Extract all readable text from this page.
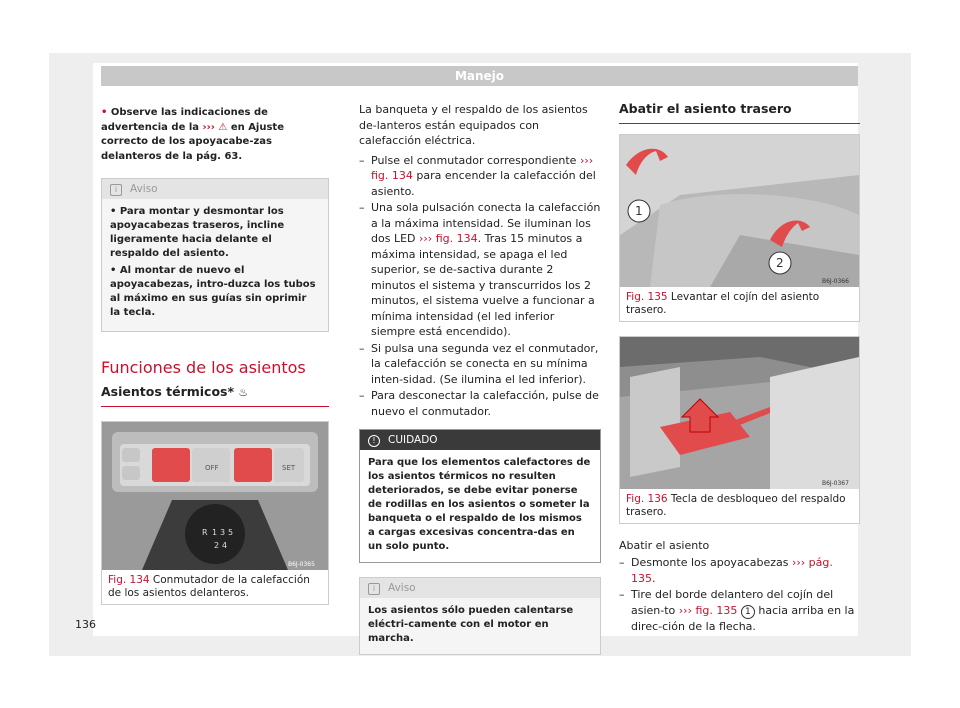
Manejo
• Observe las indicaciones de advertencia de la ››› ⚠ en Ajuste correcto de los apoyacabe-zas delanteros de la pág. 63.
i Aviso

• Para montar y desmontar los apoyacabezas traseros, incline ligeramente hacia delante el respaldo del asiento.

• Al montar de nuevo el apoyacabezas, intro-duzca los tubos al máximo en sus guías sin oprimir la tecla.

Funciones de los asientos
Asientos térmicos* ♨
OFF	SET
R 1 3 5
2 4
B6J-0365
Fig. 134 Conmutador de la calefacción de los asientos delanteros.
La banqueta y el respaldo de los asientos de-lanteros están equipados con calefacción eléctrica.
– Pulse el conmutador correspondiente ››› fig. 134 para encender la calefacción del asiento.
– Una sola pulsación conecta la calefacción a la máxima intensidad. Se iluminan los dos LED ››› fig. 134. Tras 15 minutos a máxima intensidad, se apaga el led superior, se de-sactiva durante 2 minutos el sistema y transcurridos los 2 minutos, el sistema vuelve a funcionar a mínima intensidad (el led inferior siempre está encendido).
– Si pulsa una segunda vez el conmutador, la calefacción se conecta en su mínima inten-sidad. (Se ilumina el led inferior).
– Para desconectar la calefacción, pulse de nuevo el conmutador.
! CUIDADO
Para que los elementos calefactores de los asientos térmicos no resulten deteriorados, se debe evitar ponerse de rodillas en los asientos o someter la banqueta o el respaldo de los mismos a cargas excesivas concentra-das en un solo punto.
i Aviso
Los asientos sólo pueden calentarse eléctri-camente con el motor en marcha.
Abatir el asiento trasero
1
2
B6J-0366
Fig. 135 Levantar el cojín del asiento trasero.
B6J-0367
Fig. 136 Tecla de desbloqueo del respaldo trasero.
Abatir el asiento
– Desmonte los apoyacabezas ››› pág. 135.
– Tire del borde delantero del cojín del asien-to ››› fig. 135 1 hacia arriba en la direc-ción de la flecha.
136
